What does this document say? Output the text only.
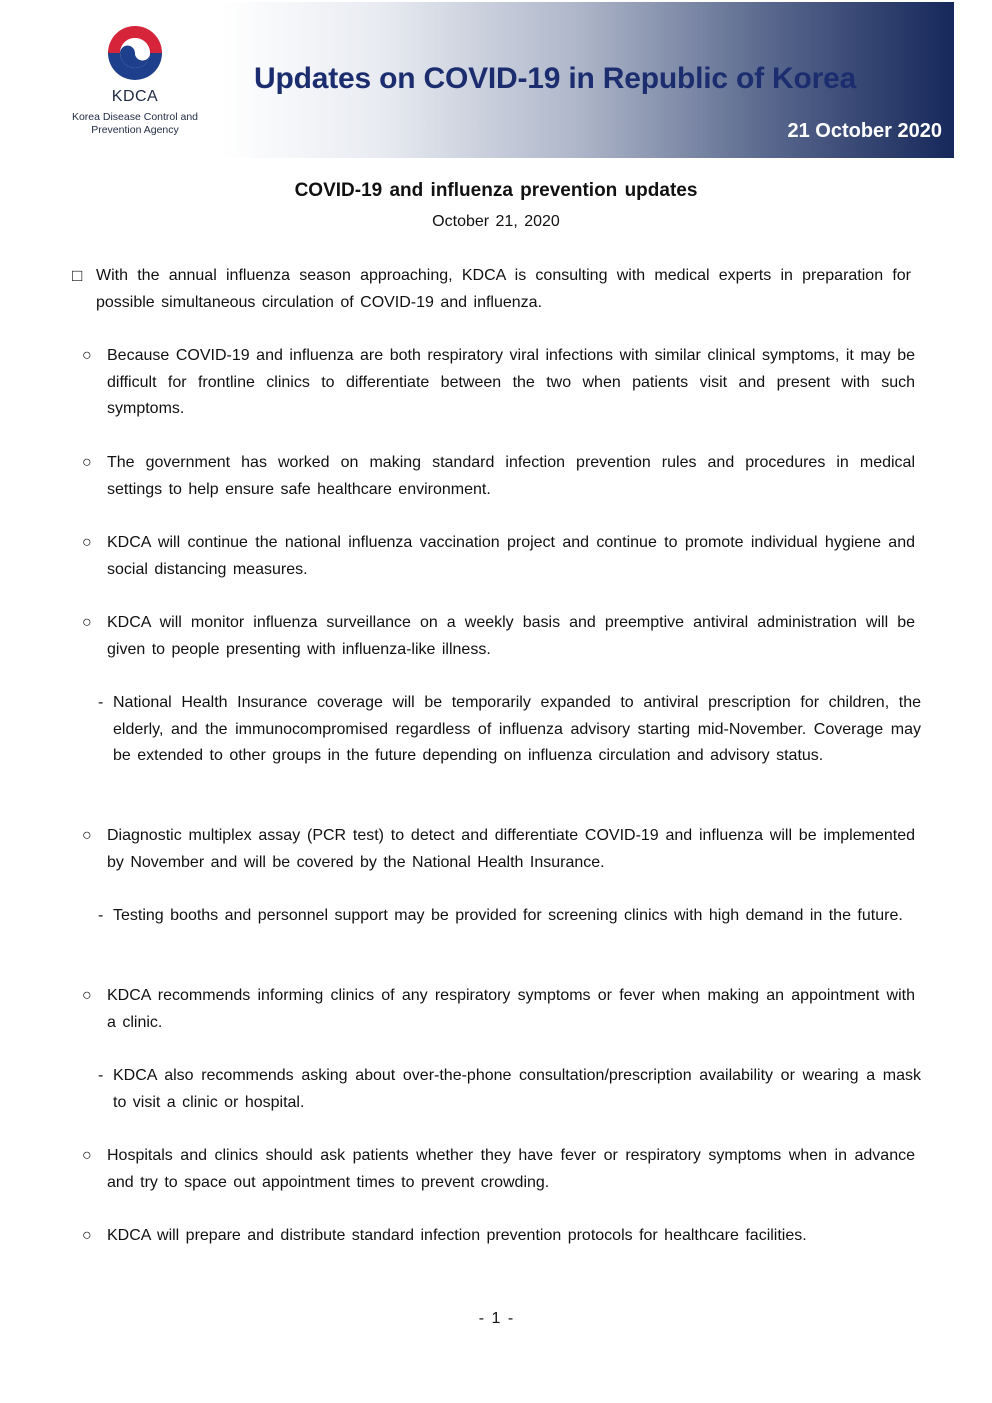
KDCA
Korea Disease Control and
Prevention Agency
Updates on COVID-19 in Republic of Korea
21 October 2020
COVID-19 and influenza prevention updates
October 21, 2020
□ With the annual influenza season approaching, KDCA is consulting with medical experts in preparation for possible simultaneous circulation of COVID-19 and influenza.
○ Because COVID-19 and influenza are both respiratory viral infections with similar clinical symptoms, it may be difficult for frontline clinics to differentiate between the two when patients visit and present with such symptoms.
○ The government has worked on making standard infection prevention rules and procedures in medical settings to help ensure safe healthcare environment.
○ KDCA will continue the national influenza vaccination project and continue to promote individual hygiene and social distancing measures.
○ KDCA will monitor influenza surveillance on a weekly basis and preemptive antiviral administration will be given to people presenting with influenza-like illness.
- National Health Insurance coverage will be temporarily expanded to antiviral prescription for children, the elderly, and the immunocompromised regardless of influenza advisory starting mid-November. Coverage may be extended to other groups in the future depending on influenza circulation and advisory status.
○ Diagnostic multiplex assay (PCR test) to detect and differentiate COVID-19 and influenza will be implemented by November and will be covered by the National Health Insurance.
- Testing booths and personnel support may be provided for screening clinics with high demand in the future.
○ KDCA recommends informing clinics of any respiratory symptoms or fever when making an appointment with a clinic.
- KDCA also recommends asking about over-the-phone consultation/prescription availability or wearing a mask to visit a clinic or hospital.
○ Hospitals and clinics should ask patients whether they have fever or respiratory symptoms when in advance and try to space out appointment times to prevent crowding.
○ KDCA will prepare and distribute standard infection prevention protocols for healthcare facilities.
- 1 -
